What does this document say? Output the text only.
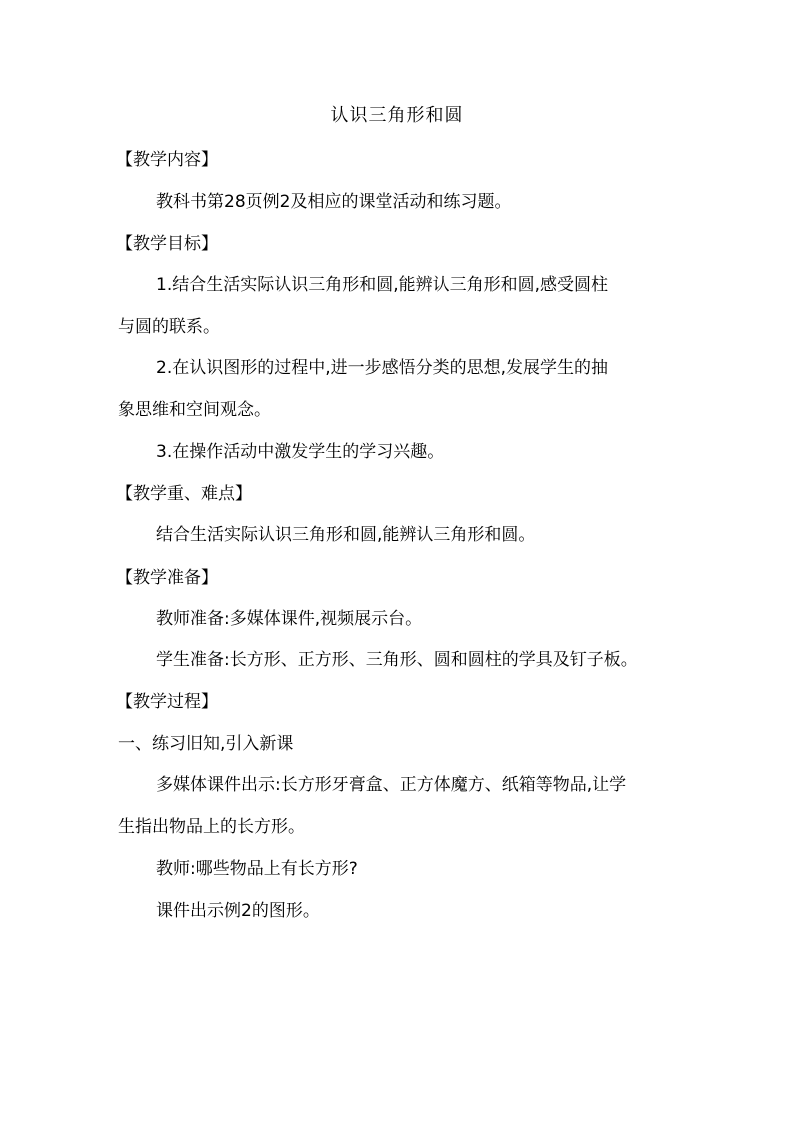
认识三角形和圆
【教学内容】
教科书第28页例2及相应的课堂活动和练习题。
【教学目标】
1.结合生活实际认识三角形和圆,能辨认三角形和圆,感受圆柱
与圆的联系。
2.在认识图形的过程中,进一步感悟分类的思想,发展学生的抽
象思维和空间观念。
3.在操作活动中激发学生的学习兴趣。
【教学重、难点】
结合生活实际认识三角形和圆,能辨认三角形和圆。
【教学准备】
教师准备:多媒体课件,视频展示台。
学生准备:长方形、正方形、三角形、圆和圆柱的学具及钉子板。
【教学过程】
一、练习旧知,引入新课
多媒体课件出示:长方形牙膏盒、正方体魔方、纸箱等物品,让学
生指出物品上的长方形。
教师:哪些物品上有长方形?
课件出示例2的图形。
